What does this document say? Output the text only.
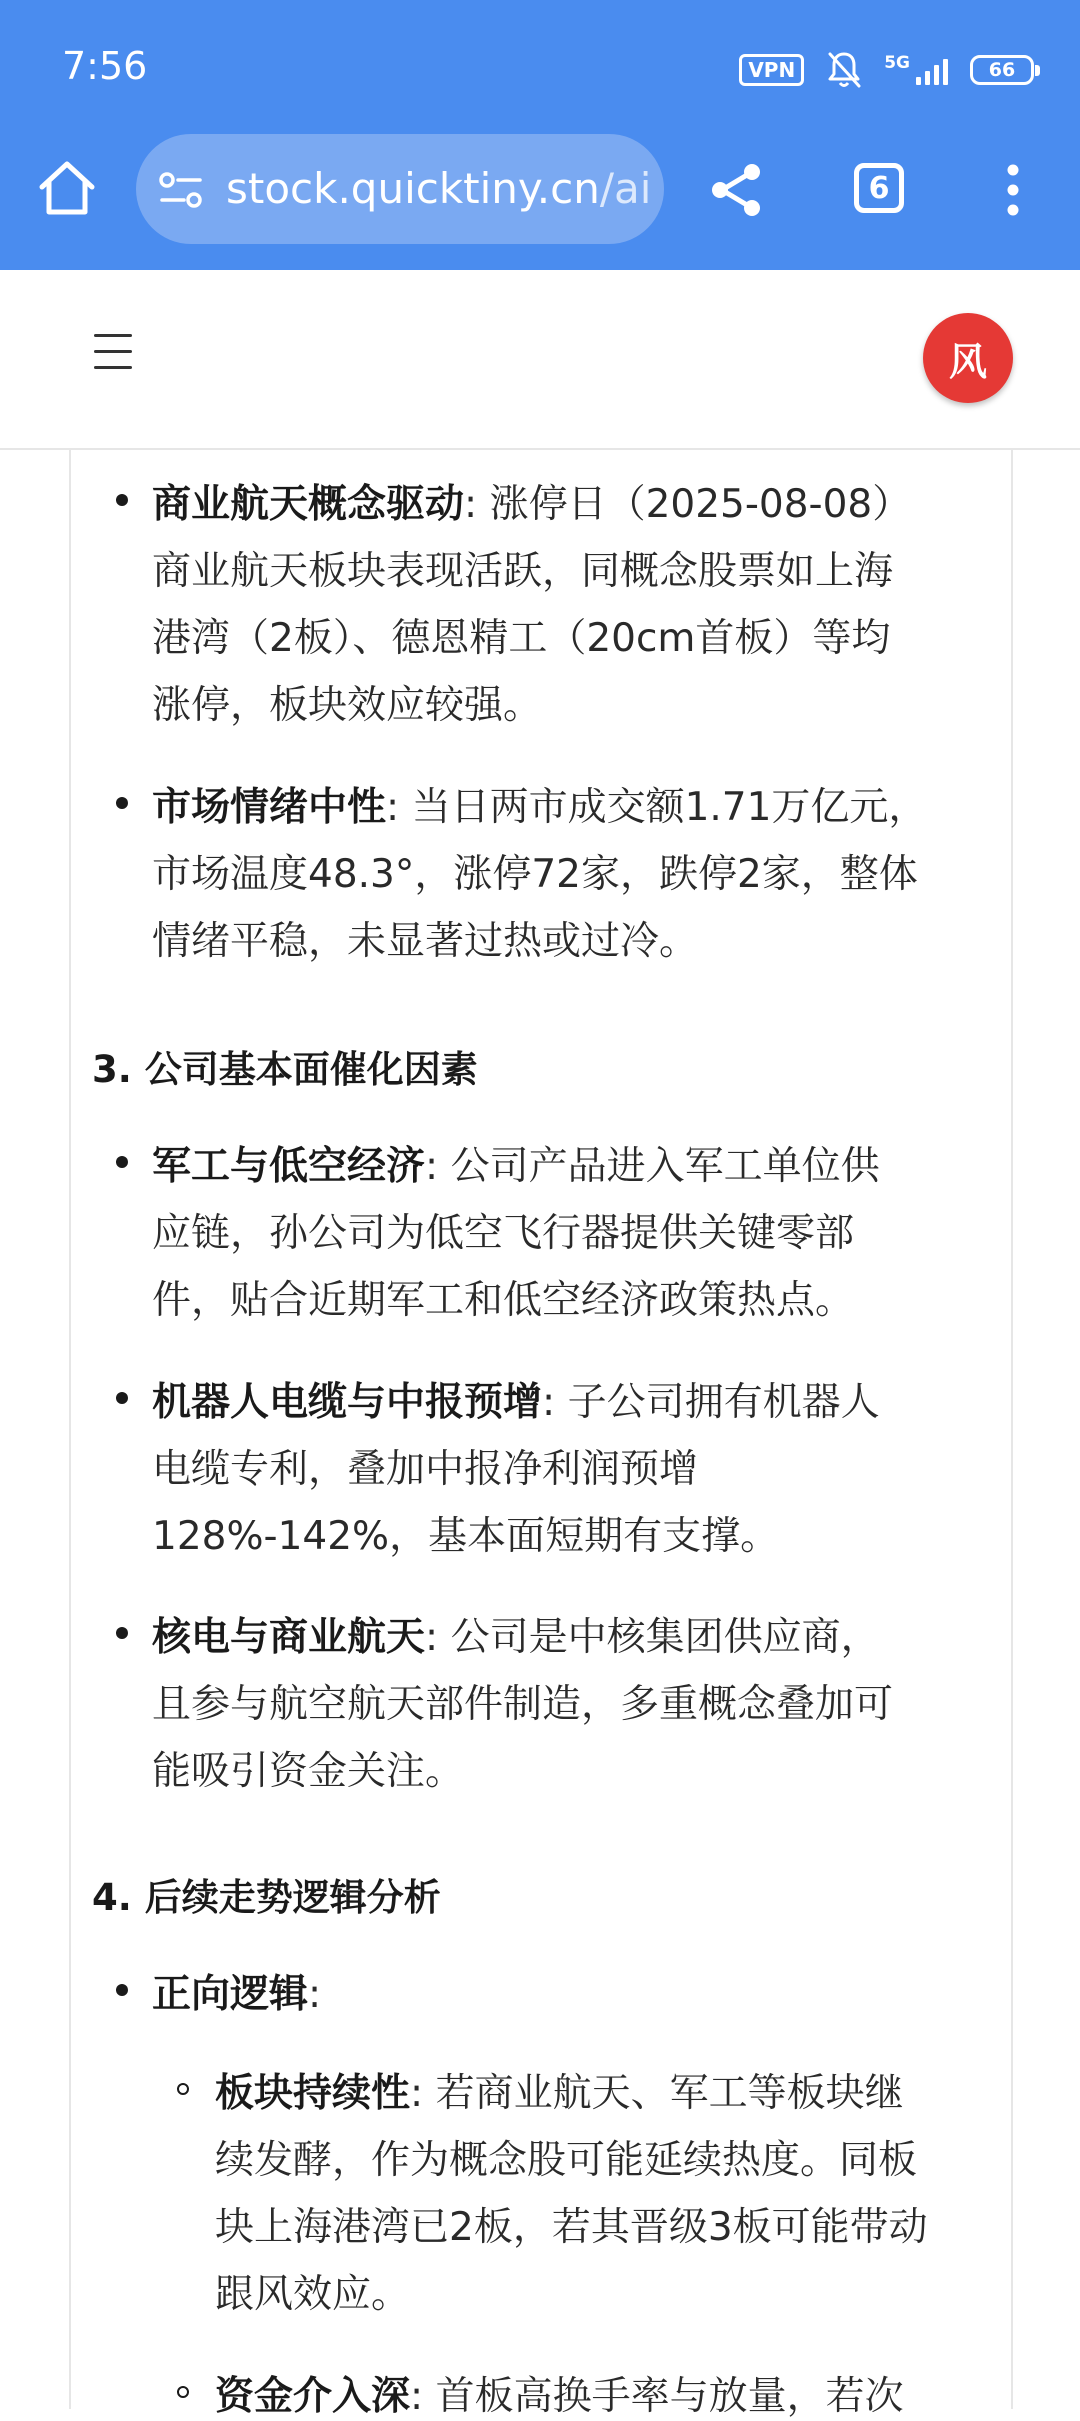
7:56	VPN	5G	66
stock.quicktiny.cn/ai	6
风
商业航天概念驱动: 涨停日（2025-08-08）
商业航天板块表现活跃，同概念股票如上海
港湾（2板）、德恩精工（20cm首板）等均
涨停，板块效应较强。
市场情绪中性: 当日两市成交额1.71万亿元，
市场温度48.3°，涨停72家，跌停2家，整体
情绪平稳，未显著过热或过冷。
3. 公司基本面催化因素
军工与低空经济: 公司产品进入军工单位供
应链，孙公司为低空飞行器提供关键零部
件，贴合近期军工和低空经济政策热点。
机器人电缆与中报预增: 子公司拥有机器人
电缆专利，叠加中报净利润预增
128%-142%，基本面短期有支撑。
核电与商业航天: 公司是中核集团供应商，
且参与航空航天部件制造，多重概念叠加可
能吸引资金关注。
4. 后续走势逻辑分析
正向逻辑:
板块持续性: 若商业航天、军工等板块继
续发酵，作为概念股可能延续热度。同板
块上海港湾已2板，若其晋级3板可能带动
跟风效应。
资金介入深: 首板高换手率与放量，若次
